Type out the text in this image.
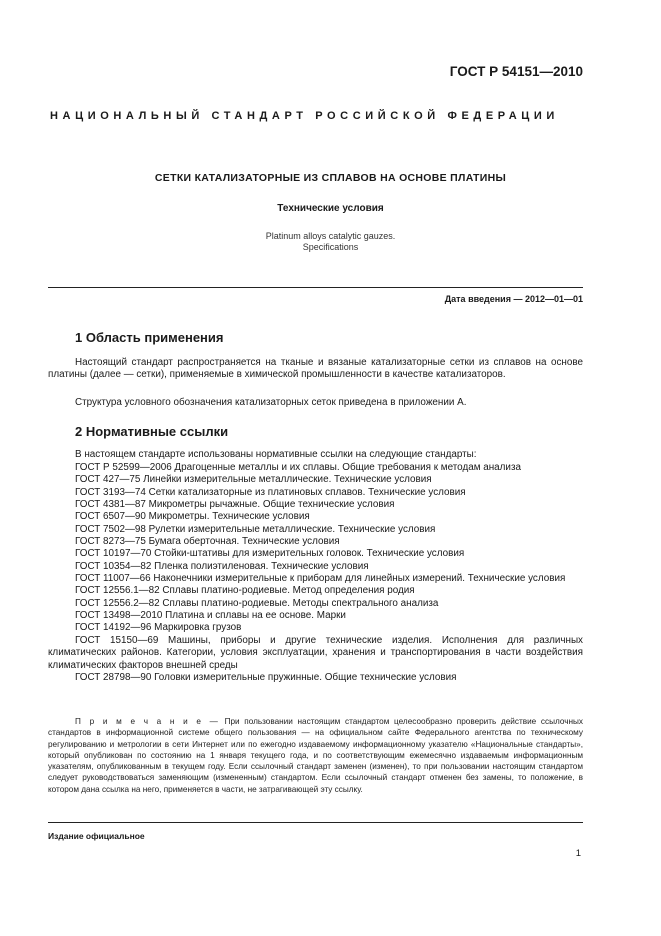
ГОСТ Р 54151—2010
НАЦИОНАЛЬНЫЙ СТАНДАРТ РОССИЙСКОЙ ФЕДЕРАЦИИ
СЕТКИ КАТАЛИЗАТОРНЫЕ ИЗ СПЛАВОВ НА ОСНОВЕ ПЛАТИНЫ
Технические условия
Platinum alloys catalytic gauzes.
Specifications
Дата введения — 2012—01—01
1 Область применения
Настоящий стандарт распространяется на тканые и вязаные катализаторные сетки из сплавов на основе платины (далее — сетки), применяемые в химической промышленности в качестве катализаторов.
Структура условного обозначения катализаторных сеток приведена в приложении А.
2 Нормативные ссылки
В настоящем стандарте использованы нормативные ссылки на следующие стандарты:
ГОСТ Р 52599—2006 Драгоценные металлы и их сплавы. Общие требования к методам анализа
ГОСТ 427—75 Линейки измерительные металлические. Технические условия
ГОСТ 3193—74 Сетки катализаторные из платиновых сплавов. Технические условия
ГОСТ 4381—87 Микрометры рычажные. Общие технические условия
ГОСТ 6507—90 Микрометры. Технические условия
ГОСТ 7502—98 Рулетки измерительные металлические. Технические условия
ГОСТ 8273—75 Бумага оберточная. Технические условия
ГОСТ 10197—70 Стойки-штативы для измерительных головок. Технические условия
ГОСТ 10354—82 Пленка полиэтиленовая. Технические условия
ГОСТ 11007—66 Наконечники измерительные к приборам для линейных измерений. Технические условия
ГОСТ 12556.1—82 Сплавы платино-родиевые. Метод определения родия
ГОСТ 12556.2—82 Сплавы платино-родиевые. Методы спектрального анализа
ГОСТ 13498—2010 Платина и сплавы на ее основе. Марки
ГОСТ 14192—96 Маркировка грузов
ГОСТ 15150—69 Машины, приборы и другие технические изделия. Исполнения для различных климатических районов. Категории, условия эксплуатации, хранения и транспортирования в части воздействия климатических факторов внешней среды
ГОСТ 28798—90 Головки измерительные пружинные. Общие технические условия
П р и м е ч а н и е — При пользовании настоящим стандартом целесообразно проверить действие ссылочных стандартов в информационной системе общего пользования — на официальном сайте Федерального агентства по техническому регулированию и метрологии в сети Интернет или по ежегодно издаваемому информационному указателю «Национальные стандарты», который опубликован по состоянию на 1 января текущего года, и по соответствующим ежемесячно издаваемым информационным указателям, опубликованным в текущем году. Если ссылочный стандарт заменен (изменен), то при пользовании настоящим стандартом следует руководствоваться заменяющим (измененным) стандартом. Если ссылочный стандарт отменен без замены, то положение, в котором дана ссылка на него, применяется в части, не затрагивающей эту ссылку.
Издание официальное
1
